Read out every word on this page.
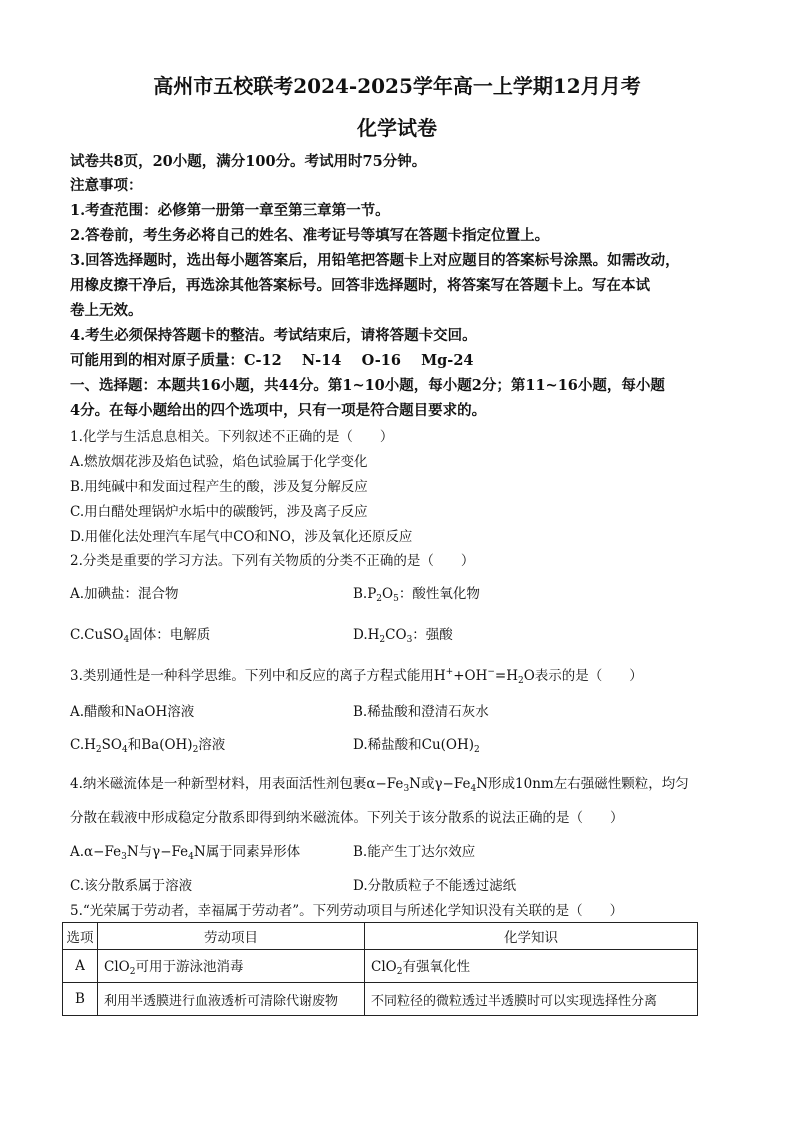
高州市五校联考2024-2025学年高一上学期12月月考
化学试卷
试卷共8页，20小题，满分100分。考试用时75分钟。
注意事项：
1.考查范围：必修第一册第一章至第三章第一节。
2.答卷前，考生务必将自己的姓名、准考证号等填写在答题卡指定位置上。
3.回答选择题时，选出每小题答案后，用铅笔把答题卡上对应题目的答案标号涂黑。如需改动，
用橡皮擦干净后，再选涂其他答案标号。回答非选择题时，将答案写在答题卡上。写在本试
卷上无效。
4.考生必须保持答题卡的整洁。考试结束后，请将答题卡交回。
可能用到的相对原子质量：C-12    N-14    O-16    Mg-24
一、选择题：本题共16小题，共44分。第1~10小题，每小题2分；第11~16小题，每小题
4分。在每小题给出的四个选项中，只有一项是符合题目要求的。
1.化学与生活息息相关。下列叙述不正确的是（　　）
A.燃放烟花涉及焰色试验，焰色试验属于化学变化
B.用纯碱中和发面过程产生的酸，涉及复分解反应
C.用白醋处理锅炉水垢中的碳酸钙，涉及离子反应
D.用催化法处理汽车尾气中CO和NO，涉及氧化还原反应
2.分类是重要的学习方法。下列有关物质的分类不正确的是（　　）
A.加碘盐：混合物	$B.P_2O_5$：酸性氧化物
C.CuSO$_4$固体：电解质	$D.H_2CO_3$：强酸
3.类别通性是一种科学思维。下列中和反应的离子方程式能用$H^++OH^-=H_2O$表示的是（　　）
A.醋酸和NaOH溶液	B.稀盐酸和澄清石灰水
$C.H_2SO_4$和$Ba(OH)_2$溶液	D.稀盐酸和$Cu(OH)_2$
4.纳米磁流体是一种新型材料，用表面活性剂包裹$\alpha-Fe_3N$或$\gamma-Fe_4N$形成10nm左右强磁性颗粒，均匀
分散在载液中形成稳定分散系即得到纳米磁流体。下列关于该分散系的说法正确的是（　　）
$A.\alpha-Fe_3N$与$\gamma-Fe_4N$属于同素异形体	B.能产生丁达尔效应
C.该分散系属于溶液	D.分散质粒子不能透过滤纸
5.“光荣属于劳动者，幸福属于劳动者”。下列劳动项目与所述化学知识没有关联的是（　　）
选项	劳动项目	化学知识
A	ClO$_2$可用于游泳池消毒	ClO$_2$有强氧化性
B	利用半透膜进行血液透析可清除代谢废物	不同粒径的微粒透过半透膜时可以实现选择性分离
